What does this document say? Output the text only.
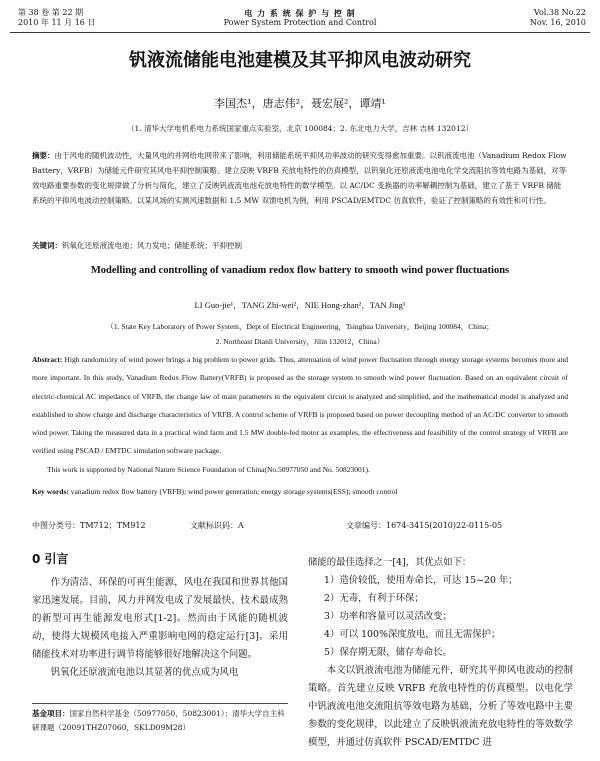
第 38 卷 第 22 期
2010 年 11 月 16 日
电 力 系 统 保 护 与 控 制
Power System Protection and Control
Vol.38 No.22
Nov. 16, 2010
钒液流储能电池建模及其平抑风电波动研究
李国杰¹，唐志伟²，聂宏展²，谭靖¹
（1. 清华大学电机系电力系统国家重点实验室，北京 100084；2. 东北电力大学，吉林 吉林 132012）
摘要：由于风电的随机波动性，大量风电的并网给电网带来了影响，利用储能系统平抑风功率波动的研究变得愈加重要。以钒液流电池（Vanadium Redox Flow Battery，VRFB）为储能元件研究其风电平抑控制策略。建立反映 VRFB 充放电特性的仿真模型，以钒氧化还原液流电池电化学交流阻抗等效电路为基础，对等效电路重要参数的变化规律做了分析与简化，建立了反映钒液流电池充放电特性的数学模型。以 AC/DC 变换器的功率解耦控制为基础，建立了基于 VRFB 储能系统的平抑风电波动控制策略。以某风场的实测风速数据和 1.5 MW 双馈电机为例，利用 PSCAD/EMTDC 仿真软件，验证了控制策略的有效性和可行性。
关键词：钒氧化还原液流电池；风力发电；储能系统；平抑控制
Modelling and controlling of vanadium redox flow battery to smooth wind power fluctuations
LI Guo-jie¹，TANG Zhi-wei²，NIE Hong-zhan²，TAN Jing¹
（1. State Key Laboratory of Power System，Dept of Electrical Engineering，Tsinghua University，Beijing 100084，China；
2. Northeast Dianli University，Jilin 132012，China）
Abstract: High randomicity of wind power brings a big problem to power grids. Thus, attenuation of wind power fluctuation through energy storage systems becomes more and more important. In this study, Vanadium Redox Flow Battery(VRFB) is proposed as the storage system to smooth wind power fluctuation. Based on an equivalent circuit of electric-chemical AC impedance of VRFB, the change law of main parameters in the equivalent circuit is analyzed and simplified, and the mathematical model is analyzed and established to show charge and discharge characteristics of VRFB. A control scheme of VRFB is proposed based on power decoupling method of an AC/DC converter to smooth wind power. Taking the measured data in a practical wind farm and 1.5 MW double-fed motor as examples, the effectiveness and feasibility of the control strategy of VRFB are verified using PSCAD / EMTDC simulation software package.
This work is supported by National Nature Science Foundation of China(No.50977050 and No. 50823001).
Key words: vanadium redox flow battery (VRFB); wind power generation; energy storage systems(ESS); smooth control
中图分类号：TM712；TM912	文献标识码：A	文章编号：1674-3415(2010)22-0115-05
0 引言
作为清洁、环保的可再生能源，风电在我国和世界其他国家迅速发展。目前，风力并网发电成了发展最快、技术最成熟的新型可再生能源发电形式[1-2]。然而由于风能的随机波动，使得大规模风电接入严重影响电网的稳定运行[3]。采用储能技术对功率进行调节将能够很好地解决这个问题。
钒氧化还原液流电池以其显著的优点成为风电
储能的最佳选择之一[4]，其优点如下：
1）造价较低，使用寿命长，可达 15~20 年；
2）无毒，有利于环保；
3）功率和容量可以灵活改变；
4）可以 100%深度放电，而且无需保护；
5）保存期无限，储存寿命长。
本文以钒液流电池为储能元件，研究其平抑风电波动的控制策略。首先建立反映 VRFB 充放电特性的仿真模型。以电化学中钒液流电池交流阻抗等效电路为基础，分析了等效电路中主要参数的变化规律，以此建立了反映钒液流充放电特性的等效数学模型，并通过仿真软件 PSCAD/EMTDC 进
基金项目：国家自然科学基金（50977050，50823001）；清华大学自主科研课题（20091THZ07060，SKLD09M28）
